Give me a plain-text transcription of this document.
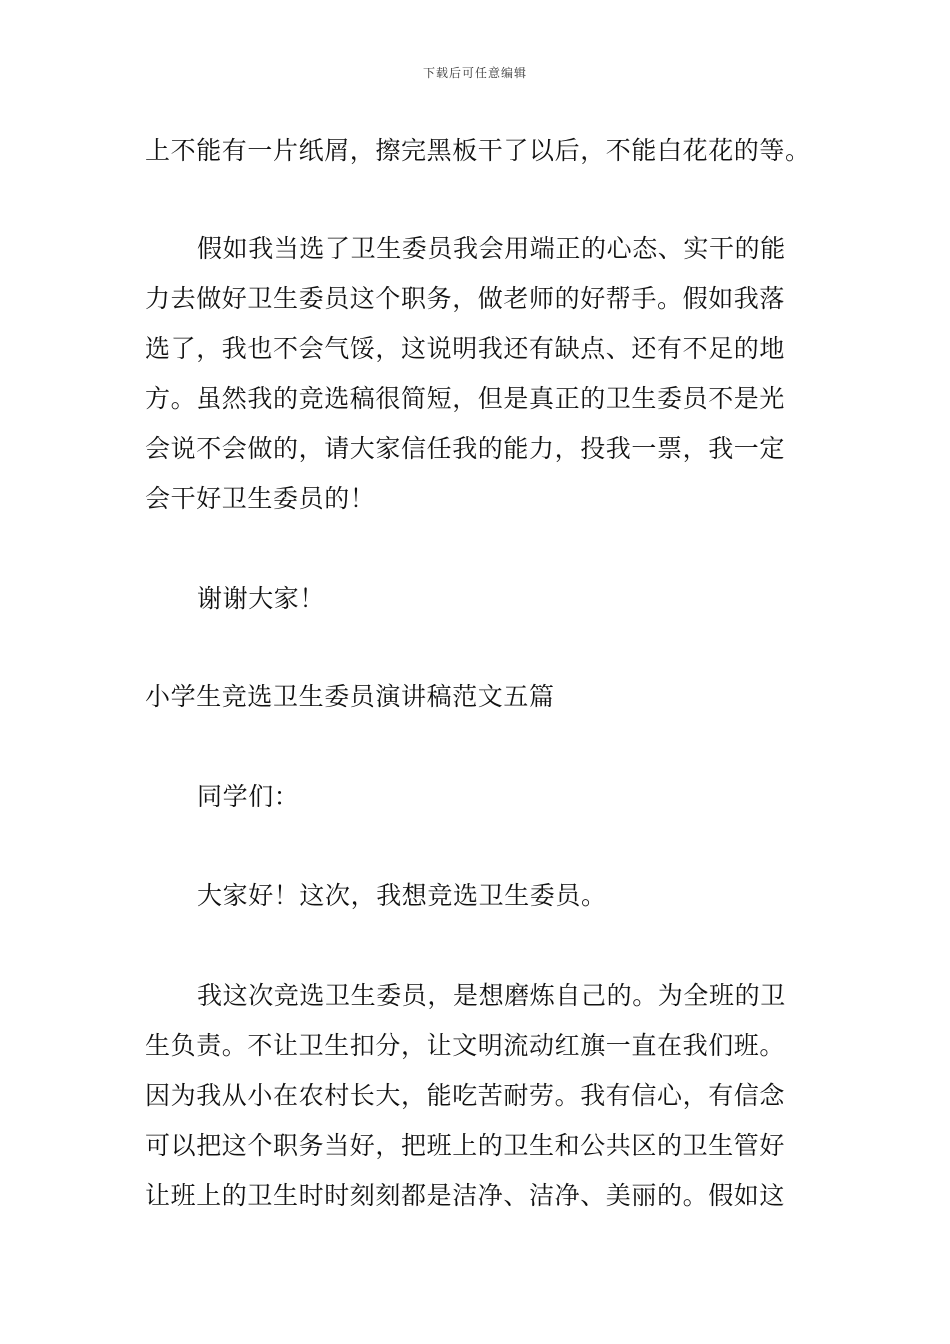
下载后可任意编辑

上不能有一片纸屑，擦完黑板干了以后，不能白花花的等。

假如我当选了卫生委员我会用端正的心态、实干的能
力去做好卫生委员这个职务，做老师的好帮手。假如我落
选了，我也不会气馁，这说明我还有缺点、还有不足的地
方。虽然我的竞选稿很简短，但是真正的卫生委员不是光
会说不会做的，请大家信任我的能力，投我一票，我一定
会干好卫生委员的！

谢谢大家！

小学生竞选卫生委员演讲稿范文五篇

同学们：

大家好！这次，我想竞选卫生委员。

我这次竞选卫生委员，是想磨炼自己的。为全班的卫
生负责。不让卫生扣分，让文明流动红旗一直在我们班。
因为我从小在农村长大，能吃苦耐劳。我有信心，有信念
可以把这个职务当好，把班上的卫生和公共区的卫生管好
让班上的卫生时时刻刻都是洁净、洁净、美丽的。假如这
